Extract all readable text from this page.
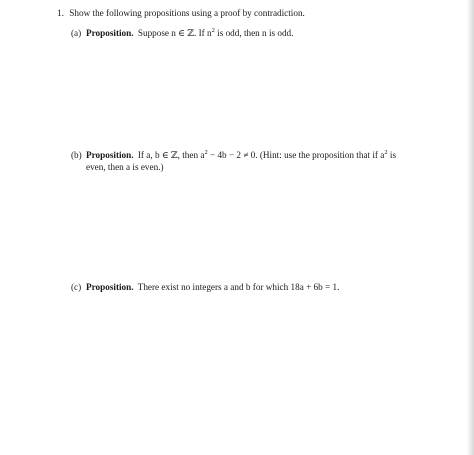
1. Show the following propositions using a proof by contradiction.
(a) Proposition. Suppose n ∈ ℤ. If $n^2$ is odd, then n is odd.
(b) Proposition. If a, b ∈ ℤ, then $a^2 - 4b - 2 \ne 0$. (Hint: use the proposition that if $a^2$ is
even, then a is even.)
(c) Proposition. There exist no integers a and b for which 18a + 6b = 1.
